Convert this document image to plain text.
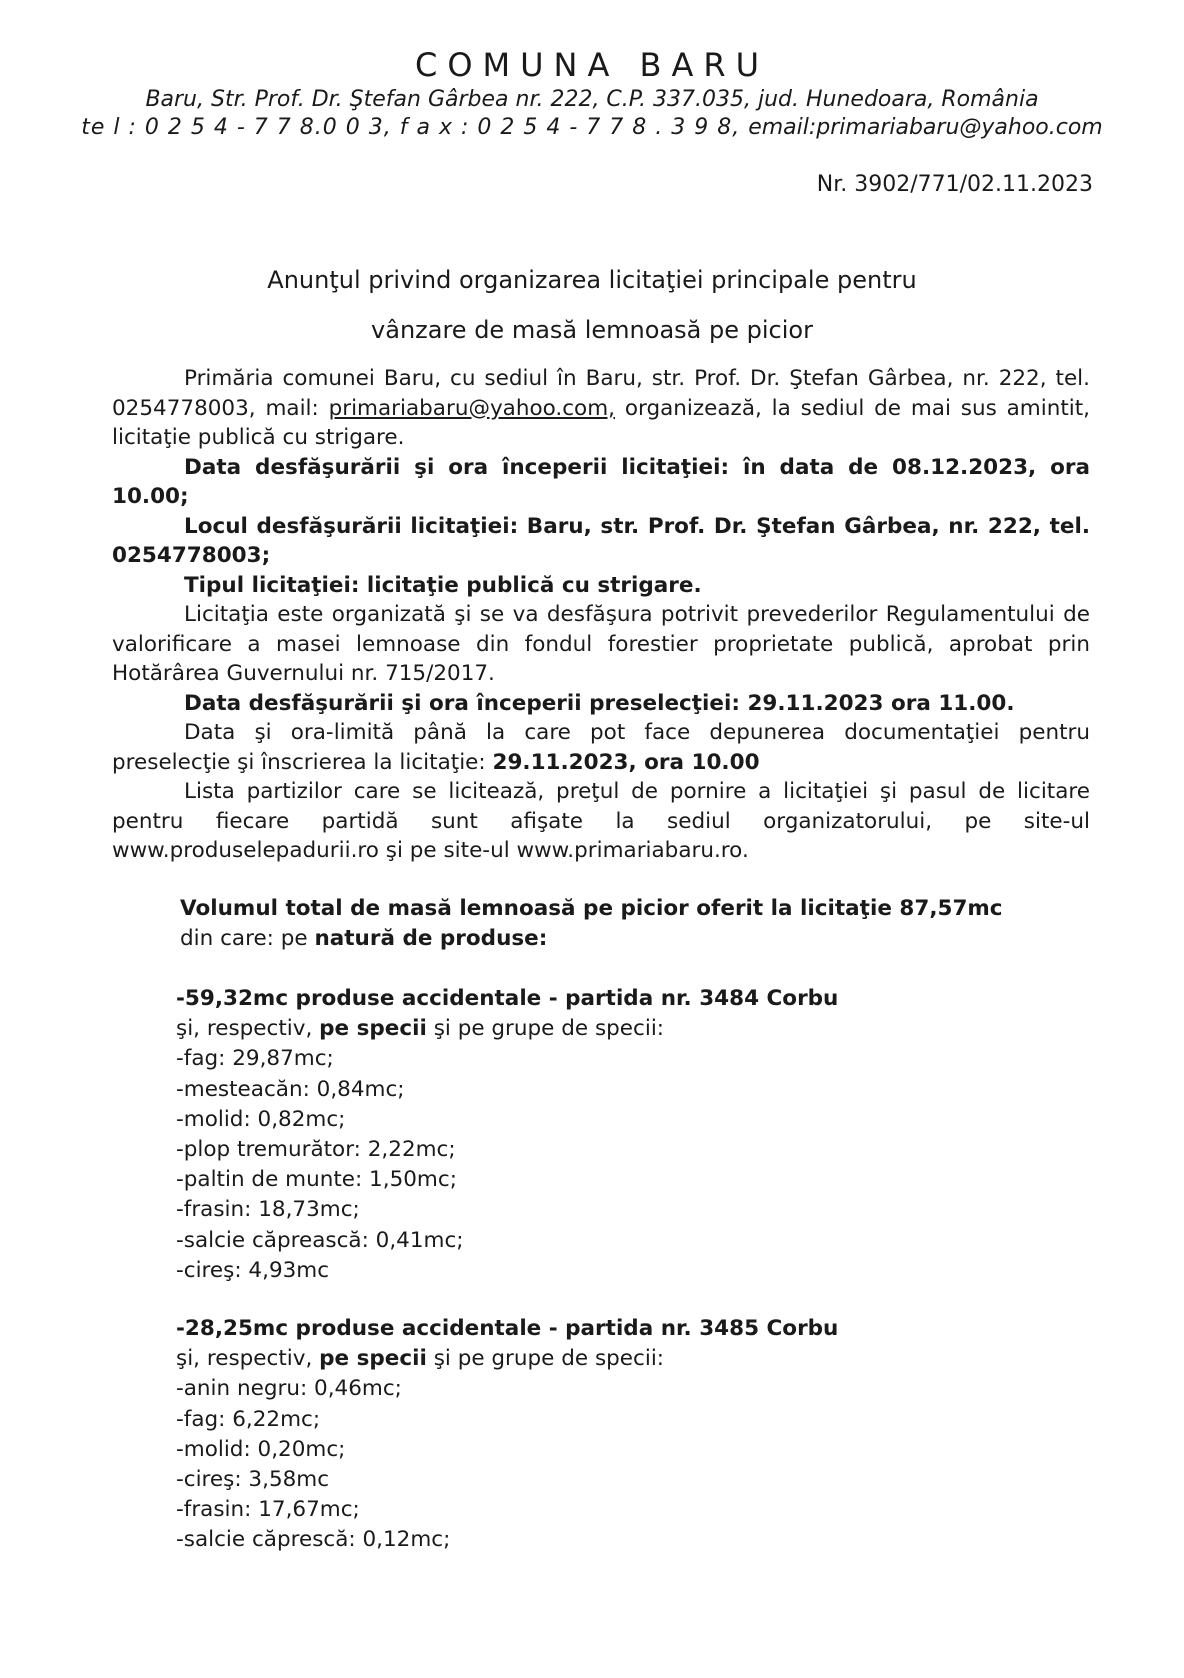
COMUNA BARU
Baru, Str. Prof. Dr. Ştefan Gârbea nr. 222, C.P. 337.035, jud. Hunedoara, România
te l : 0 2 5 4 - 7 7 8.0 0 3, f a x : 0 2 5 4 - 7 7 8 . 3 9 8, email:primariabaru@yahoo.com
Nr. 3902/771/02.11.2023
Anunţul privind organizarea licitaţiei principale pentru
vânzare de masă lemnoasă pe picior

Primăria comunei Baru, cu sediul în Baru, str. Prof. Dr. Ştefan Gârbea, nr. 222, tel. 0254778003, mail: primariabaru@yahoo.com, organizează, la sediul de mai sus amintit, licitaţie publică cu strigare.

Data desfăşurării şi ora începerii licitaţiei: în data de 08.12.2023, ora 10.00;

Locul desfăşurării licitaţiei: Baru, str. Prof. Dr. Ştefan Gârbea, nr. 222, tel. 0254778003;

Tipul licitaţiei: licitaţie publică cu strigare.

Licitaţia este organizată şi se va desfăşura potrivit prevederilor Regulamentului de valorificare a masei lemnoase din fondul forestier proprietate publică, aprobat prin Hotărârea Guvernului nr. 715/2017.

Data desfăşurării şi ora începerii preselecţiei: 29.11.2023 ora 11.00.

Data şi ora-limită până la care pot face depunerea documentaţiei pentru preselecţie şi înscrierea la licitaţie: 29.11.2023, ora 10.00

Lista partizilor care se licitează, preţul de pornire a licitaţiei şi pasul de licitare pentru fiecare partidă sunt afişate la sediul organizatorului, pe site-ul www.produselepadurii.ro şi pe site-ul www.primariabaru.ro.

Volumul total de masă lemnoasă pe picior oferit la licitaţie 87,57mc
din care: pe natură de produse:
-59,32mc produse accidentale - partida nr. 3484 Corbu
şi, respectiv, pe specii şi pe grupe de specii:
-fag: 29,87mc;
-mesteacăn: 0,84mc;
-molid: 0,82mc;
-plop tremurător: 2,22mc;
-paltin de munte: 1,50mc;
-frasin: 18,73mc;
-salcie căprească: 0,41mc;
-cireş: 4,93mc
-28,25mc produse accidentale - partida nr. 3485 Corbu
şi, respectiv, pe specii şi pe grupe de specii:
-anin negru: 0,46mc;
-fag: 6,22mc;
-molid: 0,20mc;
-cireş: 3,58mc
-frasin: 17,67mc;
-salcie căprescă: 0,12mc;
